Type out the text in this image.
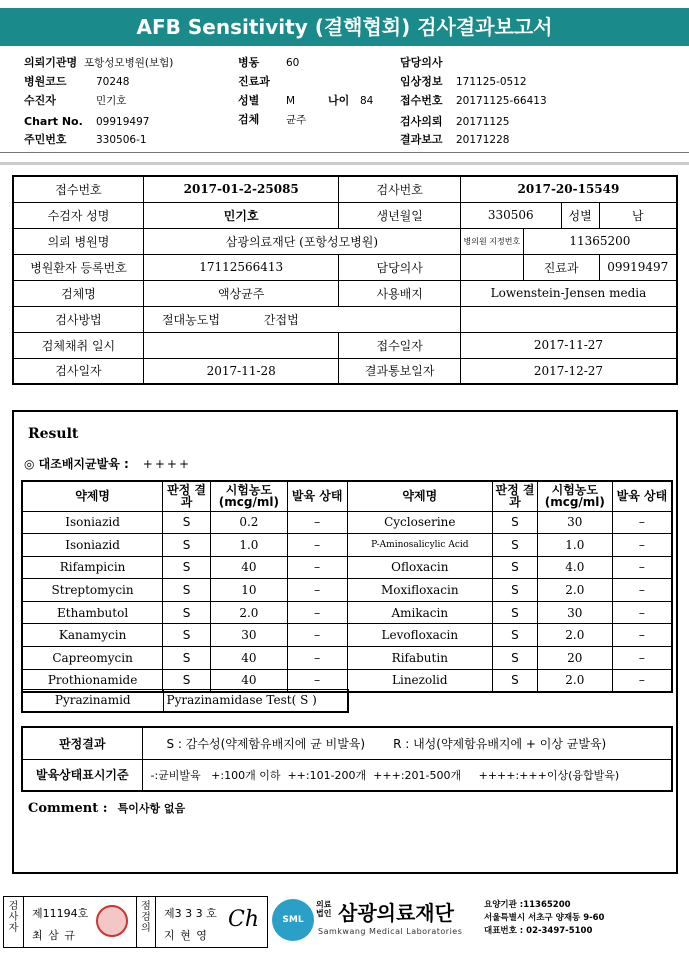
AFB Sensitivity (결핵협회) 검사결과보고서
의뢰기관명 포항성모병원(보험)
병원코드	70248
수진자	민기호
Chart No. 09919497
주민번호	330506-1
병동	60
진료과
성별	M	나이 84
검체	균주
담당의사
임상정보 171125-0512
접수번호 20171125-66413
검사의뢰 20171125
결과보고 20171228
접수번호	2017-01-2-25085	검사번호	2017-20-15549			
수검자 성명	민기호	생년월일	330506		성별	남
의뢰 병원명	삼광의료재단 (포항성모병원)		병의원 지정번호	11365200		
병원환자 등록번호	17112566413	담당의사		진료과		09919497
검체명	액상균주	사용배지	Lowenstein-Jensen media			
검사방법	절대농도법 간접법					
검체채취 일시		접수일자	2017-11-27			
검사일자	2017-11-28	결과통보일자	2017-12-27			
Result
◎ 대조배지균발육 : ++++
약제명	판정 결과	시험농도 (mcg/ml)	발육 상태	약제명	판정 결과	시험농도 (mcg/ml)	발육 상태
Isoniazid	S	0.2	–	Cycloserine	S	30	–
Isoniazid	S	1.0	–	P-Aminosalicylic Acid	S	1.0	–
Rifampicin	S	40	–	Ofloxacin	S	4.0	–
Streptomycin	S	10	–	Moxifloxacin	S	2.0	–
Ethambutol	S	2.0	–	Amikacin	S	30	–
Kanamycin	S	30	–	Levofloxacin	S	2.0	–
Capreomycin	S	40	–	Rifabutin	S	20	–
Prothionamide	S	40	–	Linezolid	S	2.0	–
Pyrazinamid	Pyrazinamidase Test( S )
판정결과	S : 감수성(약제함유배지에 균 비발육) R : 내성(약제함유배지에 + 이상 균발육)
발육상태표시기준	-:균비발육   +:100개 이하  ++:101-200개  +++:201-500개     ++++:+++이상(융합발육)
Comment : 특이사항 없음
검사자
제11194호
최 삼 규
점검의
제3 3 3 호
지 현 영
Ch	SML
의료
법인 삼광의료재단
Samkwang Medical Laboratories
요양기관 :11365200
서울특별시 서초구 양재동 9-60
대표번호 : 02-3497-5100
